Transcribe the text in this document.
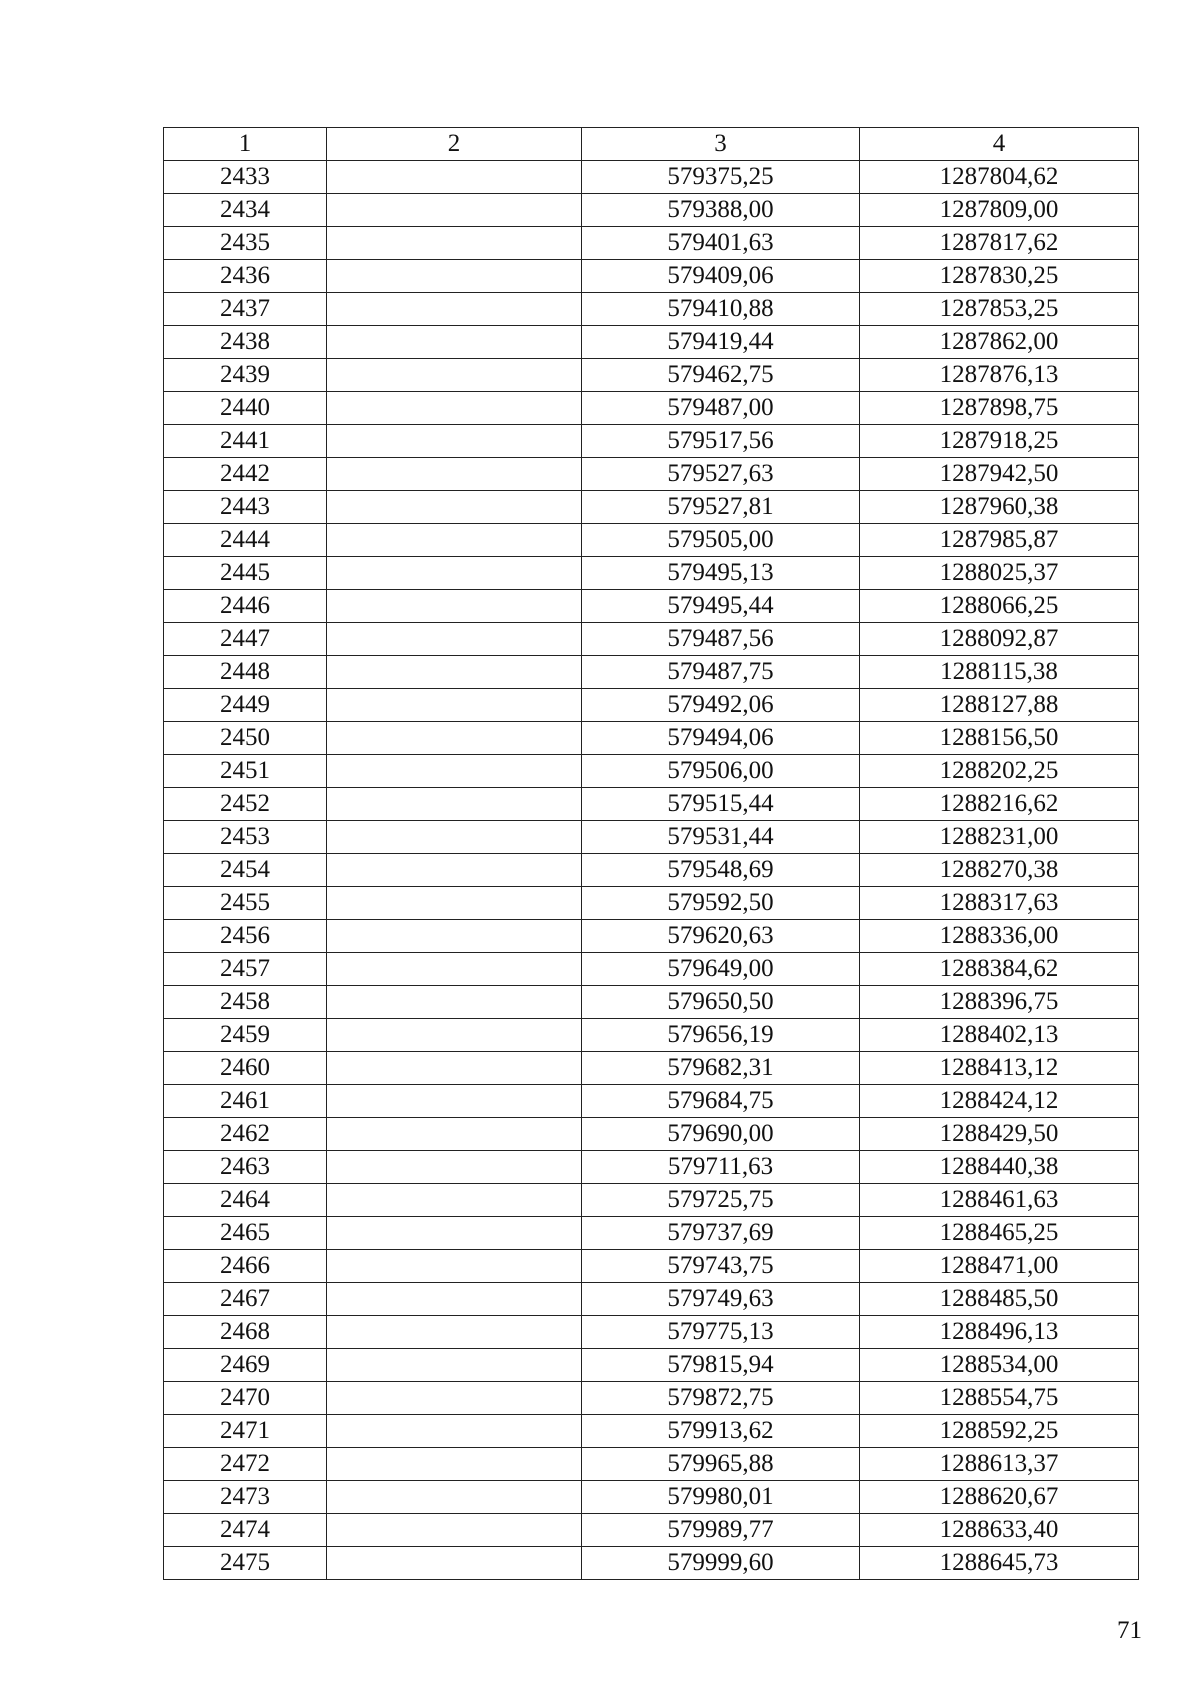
1	2	3	4
2433		579375,25	1287804,62
2434		579388,00	1287809,00
2435		579401,63	1287817,62
2436		579409,06	1287830,25
2437		579410,88	1287853,25
2438		579419,44	1287862,00
2439		579462,75	1287876,13
2440		579487,00	1287898,75
2441		579517,56	1287918,25
2442		579527,63	1287942,50
2443		579527,81	1287960,38
2444		579505,00	1287985,87
2445		579495,13	1288025,37
2446		579495,44	1288066,25
2447		579487,56	1288092,87
2448		579487,75	1288115,38
2449		579492,06	1288127,88
2450		579494,06	1288156,50
2451		579506,00	1288202,25
2452		579515,44	1288216,62
2453		579531,44	1288231,00
2454		579548,69	1288270,38
2455		579592,50	1288317,63
2456		579620,63	1288336,00
2457		579649,00	1288384,62
2458		579650,50	1288396,75
2459		579656,19	1288402,13
2460		579682,31	1288413,12
2461		579684,75	1288424,12
2462		579690,00	1288429,50
2463		579711,63	1288440,38
2464		579725,75	1288461,63
2465		579737,69	1288465,25
2466		579743,75	1288471,00
2467		579749,63	1288485,50
2468		579775,13	1288496,13
2469		579815,94	1288534,00
2470		579872,75	1288554,75
2471		579913,62	1288592,25
2472		579965,88	1288613,37
2473		579980,01	1288620,67
2474		579989,77	1288633,40
2475		579999,60	1288645,73
71
